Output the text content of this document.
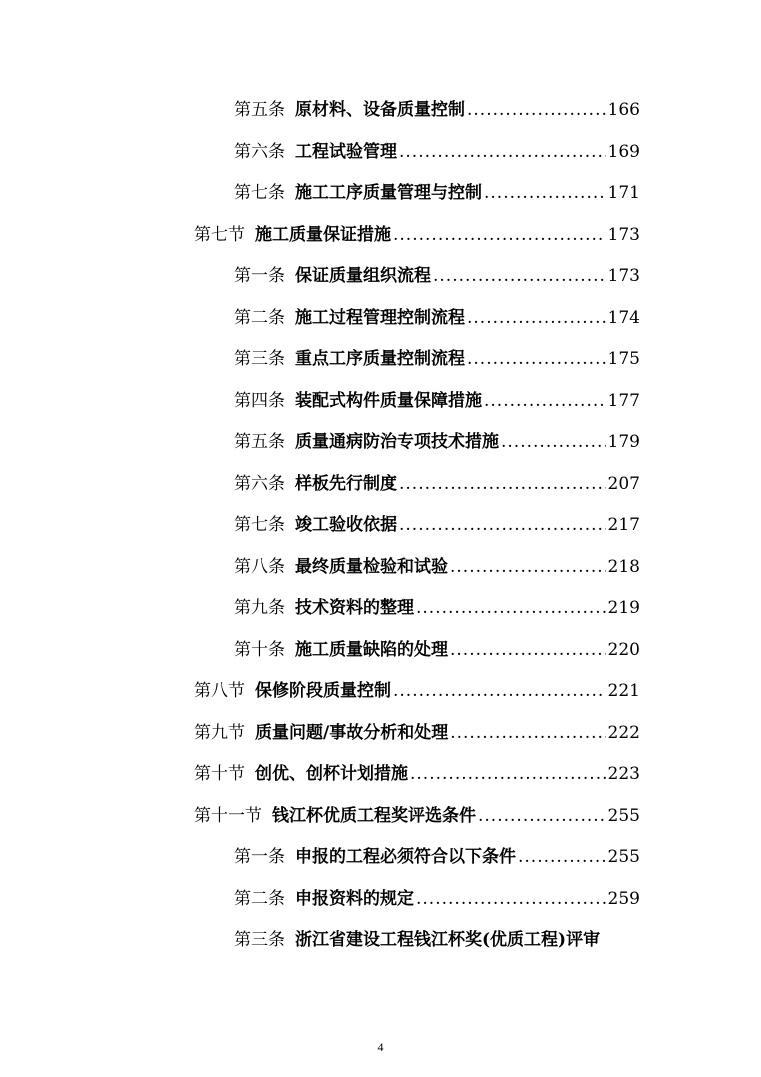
第五条 原材料、设备质量控制 .....	166
第六条 工程试验管理 .....	169
第七条 施工工序质量管理与控制 .....	171
第七节 施工质量保证措施 .....	173
第一条 保证质量组织流程 .....	173
第二条 施工过程管理控制流程 .....	174
第三条 重点工序质量控制流程 .....	175
第四条 装配式构件质量保障措施 .....	177
第五条 质量通病防治专项技术措施 .....	179
第六条 样板先行制度 .....	207
第七条 竣工验收依据 .....	217
第八条 最终质量检验和试验 .....	218
第九条 技术资料的整理 .....	219
第十条 施工质量缺陷的处理 .....	220
第八节 保修阶段质量控制 .....	221
第九节 质量问题/事故分析和处理 .....	222
第十节 创优、创杯计划措施 .....	223
第十一节 钱江杯优质工程奖评选条件 .....	255
第一条 申报的工程必须符合以下条件 .....	255
第二条 申报资料的规定 .....	259
第三条 浙江省建设工程钱江杯奖(优质工程)评审
4
